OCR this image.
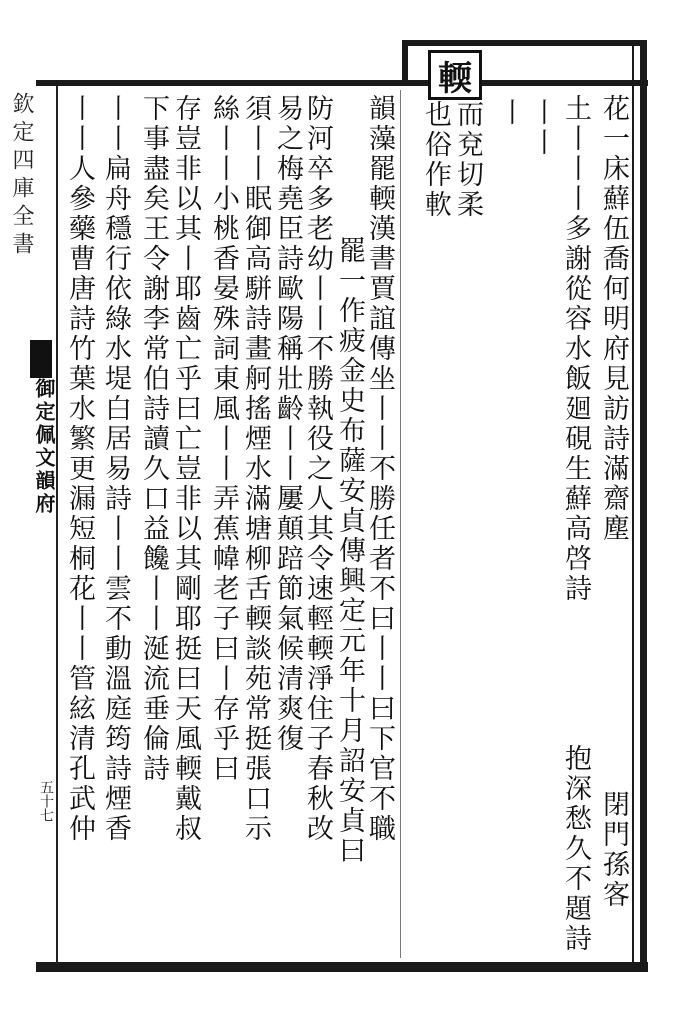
輭
花一床蘚伍喬何明府見訪詩滿齋塵
土丨丨丨多謝從容水飯廻硯生蘚高啓詩
閉門孫客
抱深愁久不題詩
丨丨
丨
而兗切柔
也俗作軟
韻藻罷輭漢書賈誼傳坐丨丨不勝任者不曰丨丨曰下官不職
罷一作疲金史布薩安貞傳興定元年十月詔安貞曰
防河卒多老幼丨丨不勝執役之人其令速輕輭淨住子春秋改
易之梅堯臣詩歐陽稱壯齡丨丨屢顛踣節氣候清爽復
須丨丨眠御高駢詩畫舸搖煙水滿塘柳舌輭談苑常挺張口示
絲丨丨小桃香晏殊詞東風丨丨弄蕉幃老子曰丨存乎曰
存豈非以其丨耶齒亡乎曰亡豈非以其剛耶挺曰天風輭戴叔
下事盡矣王令謝李常伯詩讀久口益饞丨丨涎流垂倫詩
丨丨扁舟穩行依綠水堤白居易詩丨丨雲不動溫庭筠詩煙香
丨丨人參藥曹唐詩竹葉水繁更漏短桐花丨丨管絃清孔武仲
欽定四庫全書
御定佩文韻府
五十七
